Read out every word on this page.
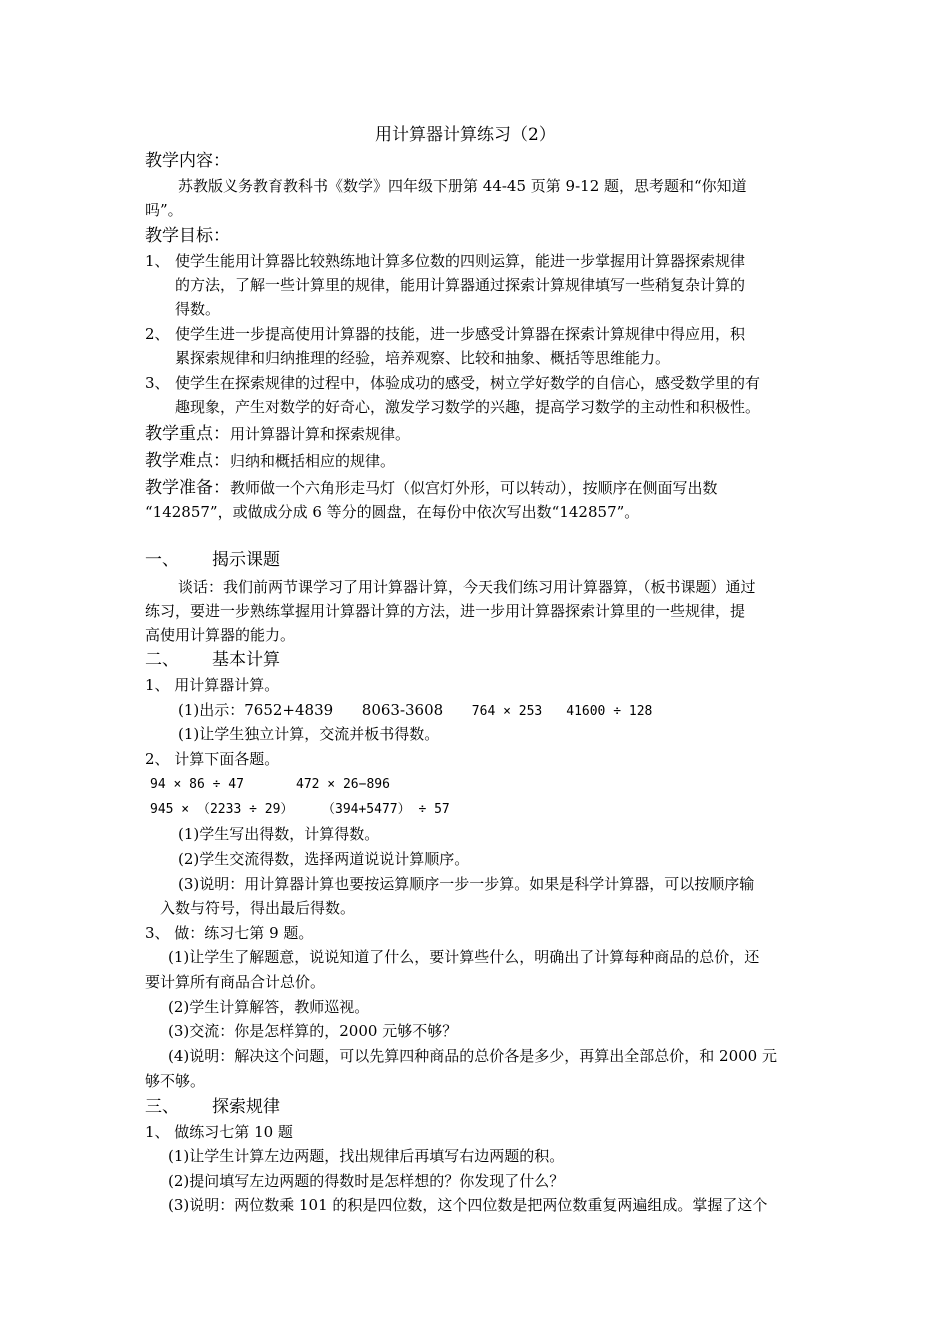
用计算器计算练习（2）
教学内容：
苏教版义务教育教科书《数学》四年级下册第 44-45 页第 9-12 题，思考题和“你知道
吗”。
教学目标：
1、 使学生能用计算器比较熟练地计算多位数的四则运算，能进一步掌握用计算器探索规律
的方法，了解一些计算里的规律，能用计算器通过探索计算规律填写一些稍复杂计算的
得数。
2、 使学生进一步提高使用计算器的技能，进一步感受计算器在探索计算规律中得应用，积
累探索规律和归纳推理的经验，培养观察、比较和抽象、概括等思维能力。
3、 使学生在探索规律的过程中，体验成功的感受，树立学好数学的自信心，感受数学里的有
趣现象，产生对数学的好奇心，激发学习数学的兴趣，提高学习数学的主动性和积极性。
教学重点：用计算器计算和探索规律。
教学难点：归纳和概括相应的规律。
教学准备：教师做一个六角形走马灯（似宫灯外形，可以转动），按顺序在侧面写出数
“142857”，或做成分成 6 等分的圆盘，在每份中依次写出数“142857”。
一、 揭示课题
谈话：我们前两节课学习了用计算器计算，今天我们练习用计算器算，（板书课题）通过
练习，要进一步熟练掌握用计算器计算的方法，进一步用计算器探索计算里的一些规律，提
高使用计算器的能力。
二、 基本计算
1、 用计算器计算。
(1)出示：7652+4839      8063-3608      764 × 253 41600 ÷ 128
(1)让学生独立计算，交流并板书得数。
2、 计算下面各题。
94 × 86 ÷ 47	472 × 26−896
945 × （2233 ÷ 29） （394+5477） ÷ 57
(1)学生写出得数，计算得数。
(2)学生交流得数，选择两道说说计算顺序。
(3)说明：用计算器计算也要按运算顺序一步一步算。如果是科学计算器，可以按顺序输
入数与符号，得出最后得数。
3、 做：练习七第 9 题。
(1)让学生了解题意，说说知道了什么，要计算些什么，明确出了计算每种商品的总价，还
要计算所有商品合计总价。
(2)学生计算解答，教师巡视。
(3)交流：你是怎样算的，2000 元够不够？
(4)说明：解决这个问题，可以先算四种商品的总价各是多少，再算出全部总价，和 2000 元
够不够。
三、 探索规律
1、 做练习七第 10 题
(1)让学生计算左边两题，找出规律后再填写右边两题的积。
(2)提问填写左边两题的得数时是怎样想的？你发现了什么？
(3)说明：两位数乘 101 的积是四位数，这个四位数是把两位数重复两遍组成。掌握了这个
